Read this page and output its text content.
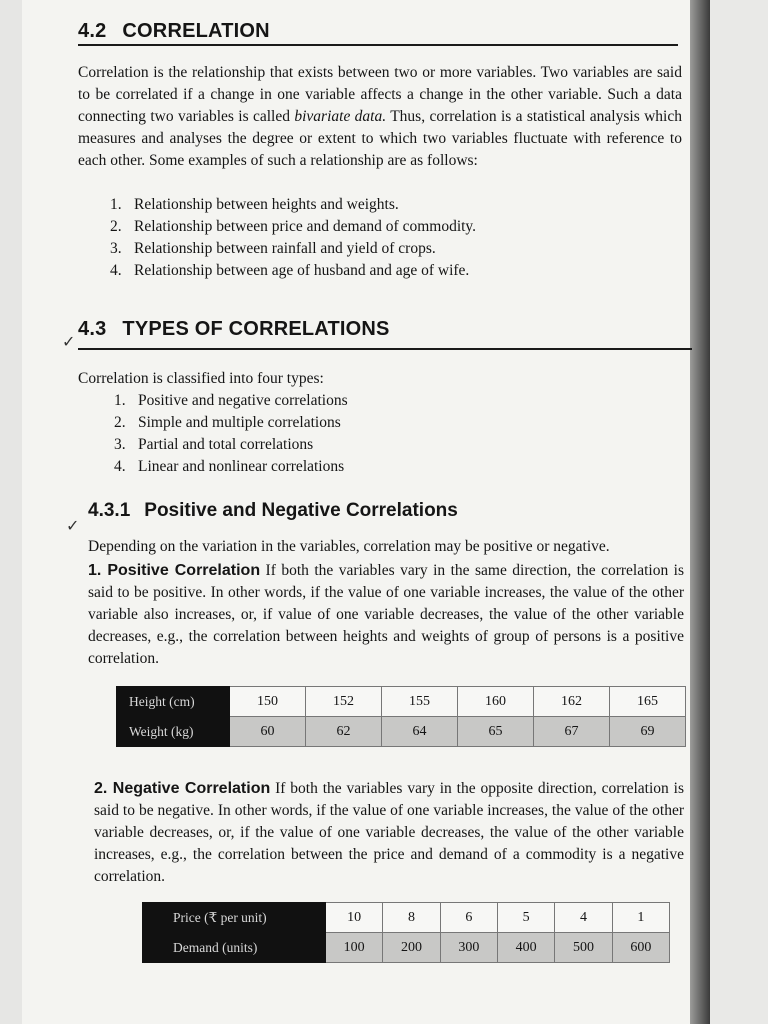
4.2 CORRELATION
Correlation is the relationship that exists between two or more variables. Two variables are said to be correlated if a change in one variable affects a change in the other variable. Such a data connecting two variables is called bivariate data. Thus, correlation is a statistical analysis which measures and analyses the degree or extent to which two variables fluctuate with reference to each other. Some examples of such a relationship are as follows:
1. Relationship between heights and weights.
2. Relationship between price and demand of commodity.
3. Relationship between rainfall and yield of crops.
4. Relationship between age of husband and age of wife.
✓
4.3 TYPES OF CORRELATIONS
Correlation is classified into four types:
1. Positive and negative correlations
2. Simple and multiple correlations
3. Partial and total correlations
4. Linear and nonlinear correlations
✓
4.3.1 Positive and Negative Correlations
Depending on the variation in the variables, correlation may be positive or negative.
1. Positive Correlation If both the variables vary in the same direction, the correlation is said to be positive. In other words, if the value of one variable increases, the value of the other variable also increases, or, if value of one variable decreases, the value of the other variable decreases, e.g., the correlation between heights and weights of group of persons is a positive correlation.
Height (cm)	150	152	155	160	162	165
Weight (kg)	60	62	64	65	67	69
2. Negative Correlation If both the variables vary in the opposite direction, correlation is said to be negative. In other words, if the value of one variable increases, the value of the other variable decreases, or, if the value of one variable decreases, the value of the other variable increases, e.g., the correlation between the price and demand of a commodity is a negative correlation.
Price (₹ per unit)	10	8	6	5	4	1
Demand (units)	100	200	300	400	500	600
